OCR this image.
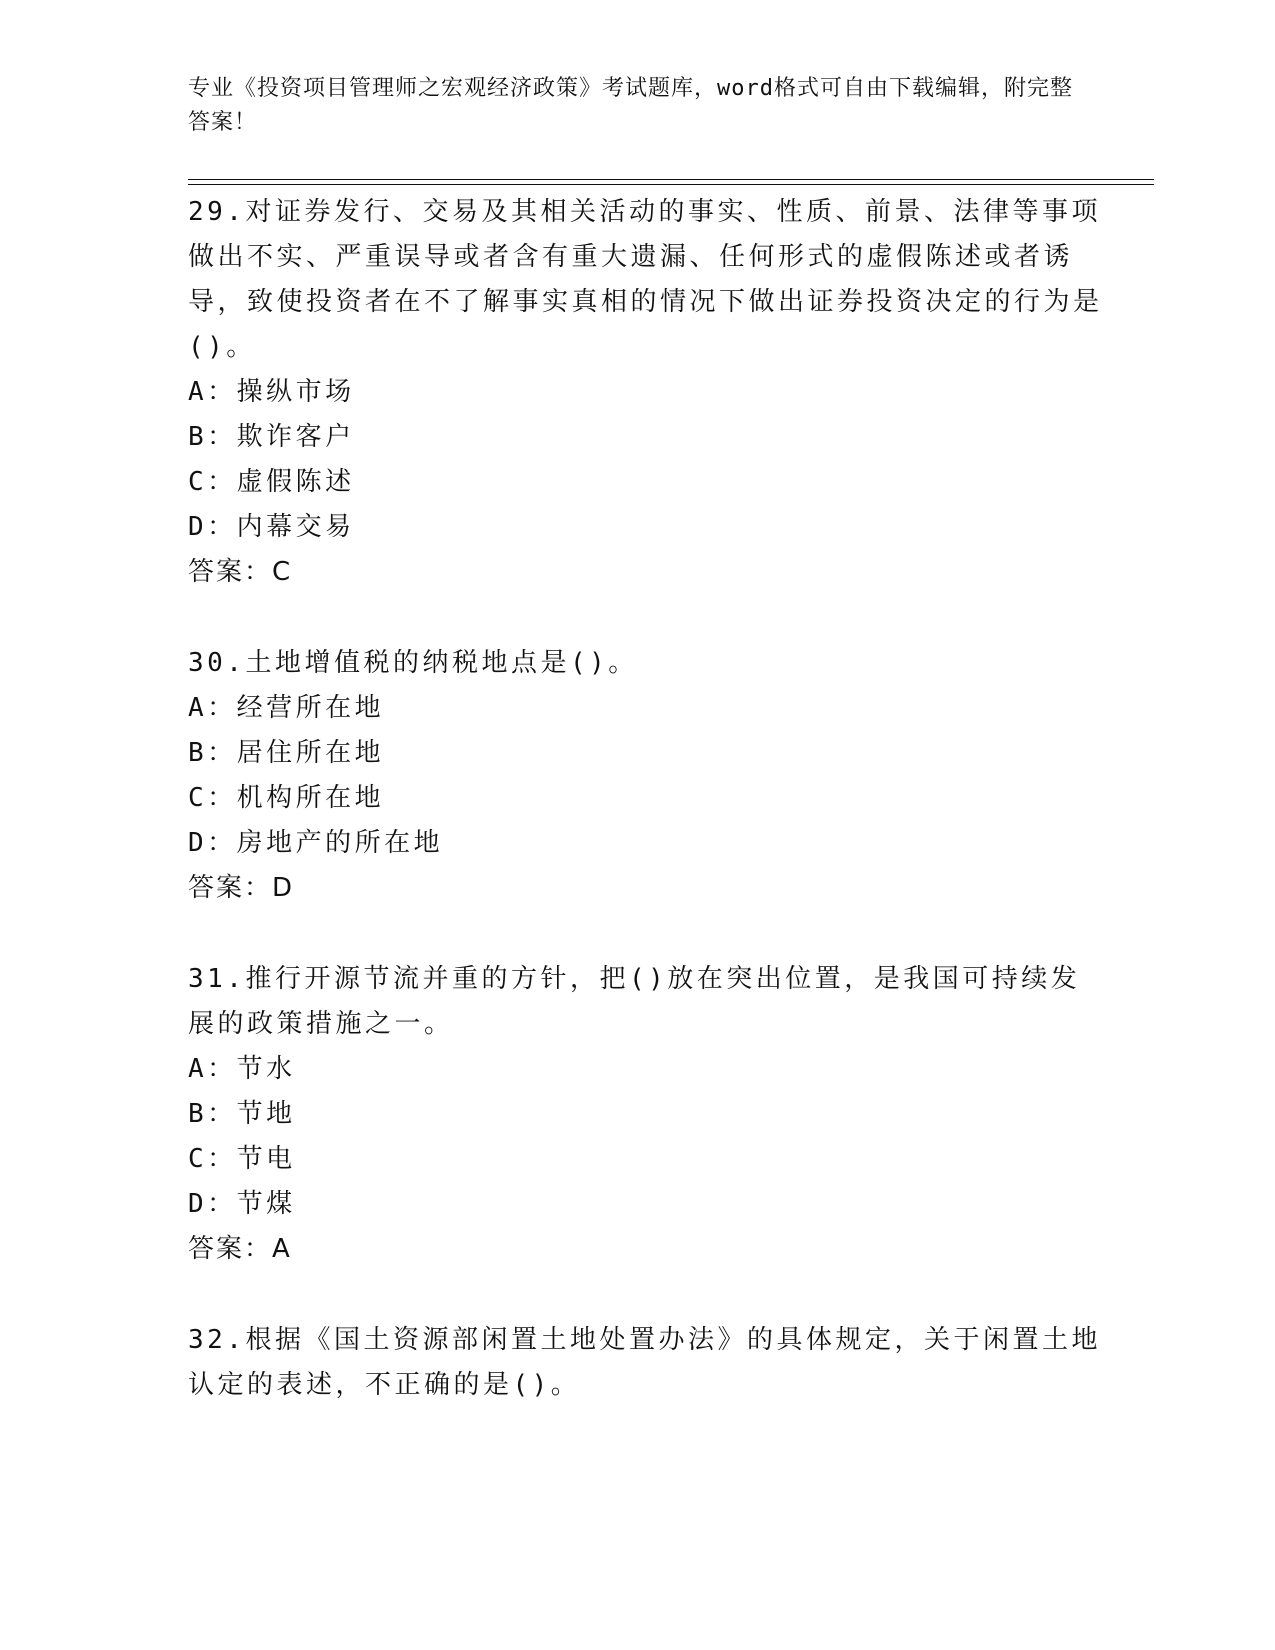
专业《投资项目管理师之宏观经济政策》考试题库，word格式可自由下载编辑，附完整答案！

29.对证券发行、交易及其相关活动的事实、性质、前景、法律等事项做出不实、严重误导或者含有重大遗漏、任何形式的虚假陈述或者诱导，致使投资者在不了解事实真相的情况下做出证券投资决定的行为是()。

A：操纵市场

B：欺诈客户

C：虚假陈述

D：内幕交易

答案：C

30.土地增值税的纳税地点是()。

A：经营所在地

B：居住所在地

C：机构所在地

D：房地产的所在地

答案：D

31.推行开源节流并重的方针，把()放在突出位置，是我国可持续发展的政策措施之一。

A：节水

B：节地

C：节电

D：节煤

答案：A

32.根据《国土资源部闲置土地处置办法》的具体规定，关于闲置土地认定的表述，不正确的是()。
